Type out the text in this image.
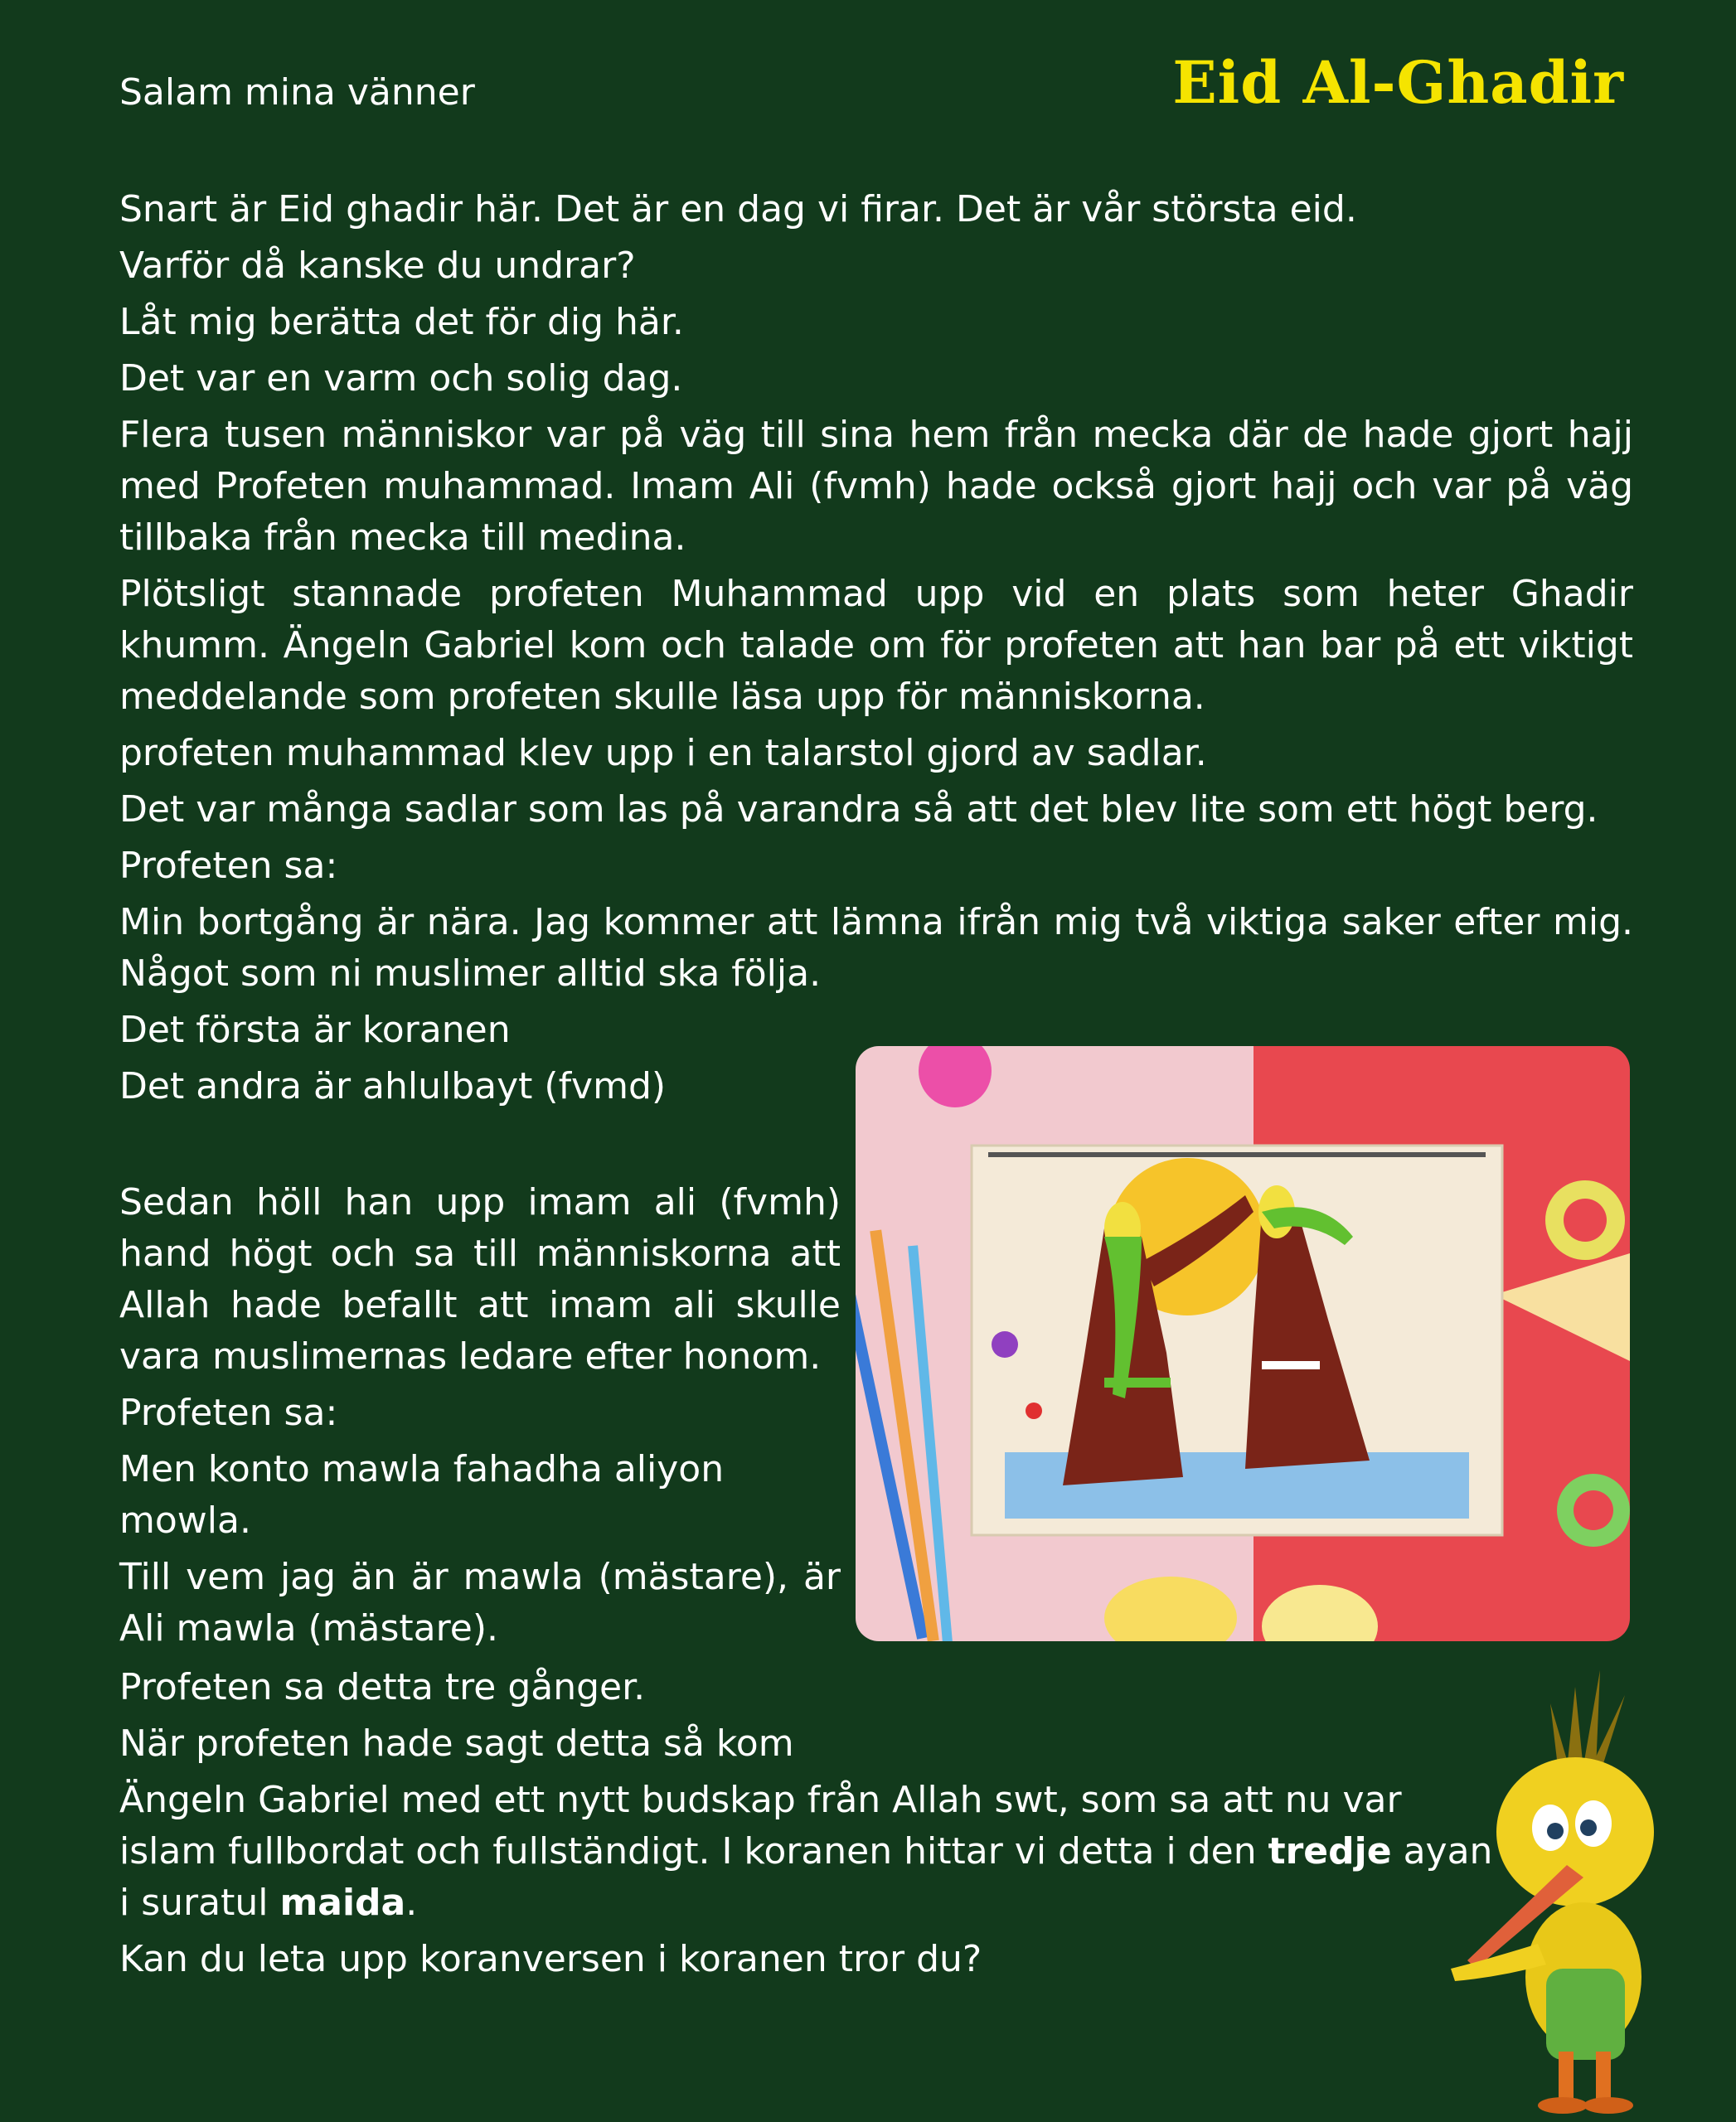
Eid Al-Ghadir

Salam mina vänner

Snart är Eid ghadir här. Det är en dag vi firar. Det är vår största eid.

Varför då kanske du undrar?

Låt mig berätta det för dig här.

Det var en varm och solig dag.

Flera tusen människor var på väg till sina hem från mecka där de hade gjort hajj med Profeten muhammad. Imam Ali (fvmh) hade också gjort hajj och var på väg tillbaka från mecka till medina.

Plötsligt stannade profeten Muhammad upp vid en plats som heter Ghadir khumm. Ängeln Gabriel kom och talade om för profeten att han bar på ett viktigt meddelande som profeten skulle läsa upp för människorna.

profeten muhammad klev upp i en talarstol gjord av sadlar.

Det var många sadlar som las på varandra så att det blev lite som ett högt berg.

Profeten sa:

Min bortgång är nära. Jag kommer att lämna ifrån mig två viktiga saker efter mig. Något som ni muslimer alltid ska följa.

Det första är koranen

Det andra är ahlulbayt (fvmd)

Sedan höll han upp imam ali (fvmh) hand högt och sa till människorna att Allah hade befallt att imam ali skulle vara muslimernas ledare efter honom.

Profeten sa:

Men konto mawla fahadha aliyon mowla.

Till vem jag än är mawla (mästare), är Ali mawla (mästare).

Profeten sa detta tre gånger.

När profeten hade sagt detta så kom

Ängeln Gabriel med ett nytt budskap från Allah swt, som sa att nu var islam fullbordat och fullständigt. I koranen hittar vi detta i den tredje ayan i suratul maida.

Kan du leta upp koranversen i koranen tror du?
